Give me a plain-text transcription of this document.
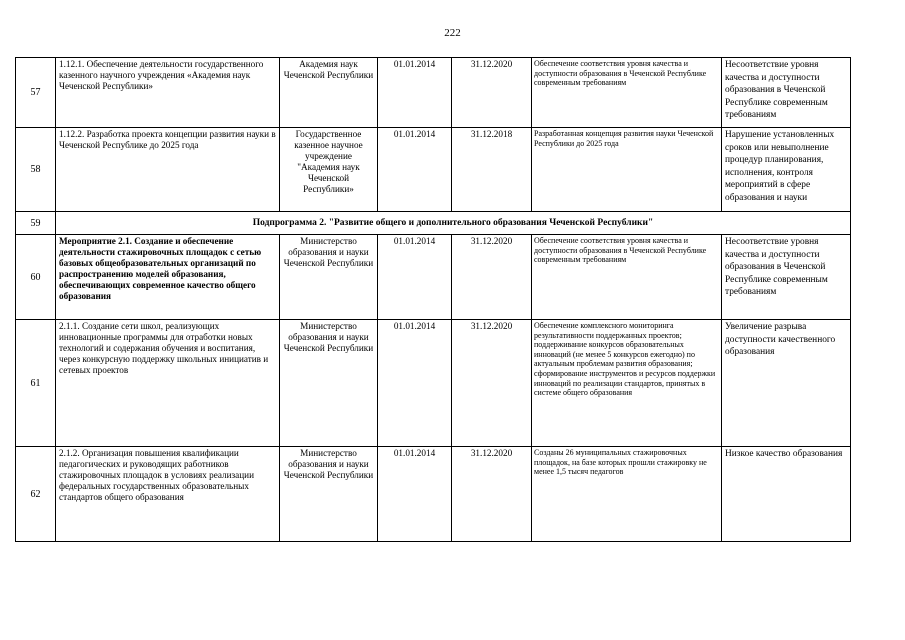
222
57	1.12.1. Обеспечение деятельности государственного казенного научного учреждения «Академия наук Чеченской Республики»	Академия наук Чеченской Республики	01.01.2014	31.12.2020	Обеспечение соответствия уровня качества и доступности образования в Чеченской Республике современным требованиям	Несоответствие уровня качества и доступности образования в Чеченской Республике современным требованиям
58	1.12.2. Разработка проекта концепции развития науки в Чеченской Республике до 2025 года	Государственное казенное научное учреждение "Академия наук Чеченской Республики»	01.01.2014	31.12.2018	Разработанная концепция развития науки Чеченской Республики до 2025 года	Нарушение установленных сроков или невыполнение процедур планирования, исполнения, контроля мероприятий в сфере образования и науки
59	Подпрограмма 2. "Развитие общего и дополнительного образования Чеченской Республики"					
60	Мероприятие 2.1. Создание и обеспечение деятельности стажировочных площадок с сетью базовых общеобразовательных организаций по распространению моделей образования, обеспечивающих современное качество общего образования	Министерство образования и науки Чеченской Республики	01.01.2014	31.12.2020	Обеспечение соответствия уровня качества и доступности образования в Чеченской Республике современным требованиям	Несоответствие уровня качества и доступности образования в Чеченской Республике современным требованиям
61	2.1.1. Создание сети школ, реализующих инновационные программы для отработки новых технологий и содержания обучения и воспитания, через конкурсную поддержку школьных инициатив и сетевых проектов	Министерство образования и науки Чеченской Республики	01.01.2014	31.12.2020	Обеспечение комплексного мониторинга результативности поддержанных проектов;
поддерживание конкурсов образовательных инноваций (не менее 5 конкурсов ежегодно) по актуальным проблемам развития образования;
сформирование инструментов и ресурсов поддержки инноваций по реализации стандартов, принятых в системе общего образования	Увеличение разрыва доступности качественного образования
62	2.1.2. Организация повышения квалификации педагогических и руководящих работников стажировочных площадок в условиях реализации федеральных государственных образовательных стандартов общего образования	Министерство образования и науки Чеченской Республики	01.01.2014	31.12.2020	Созданы 26 муниципальных стажировочных площадок, на базе которых прошли стажировку не менее 1,5 тысяч педагогов	Низкое качество образования
